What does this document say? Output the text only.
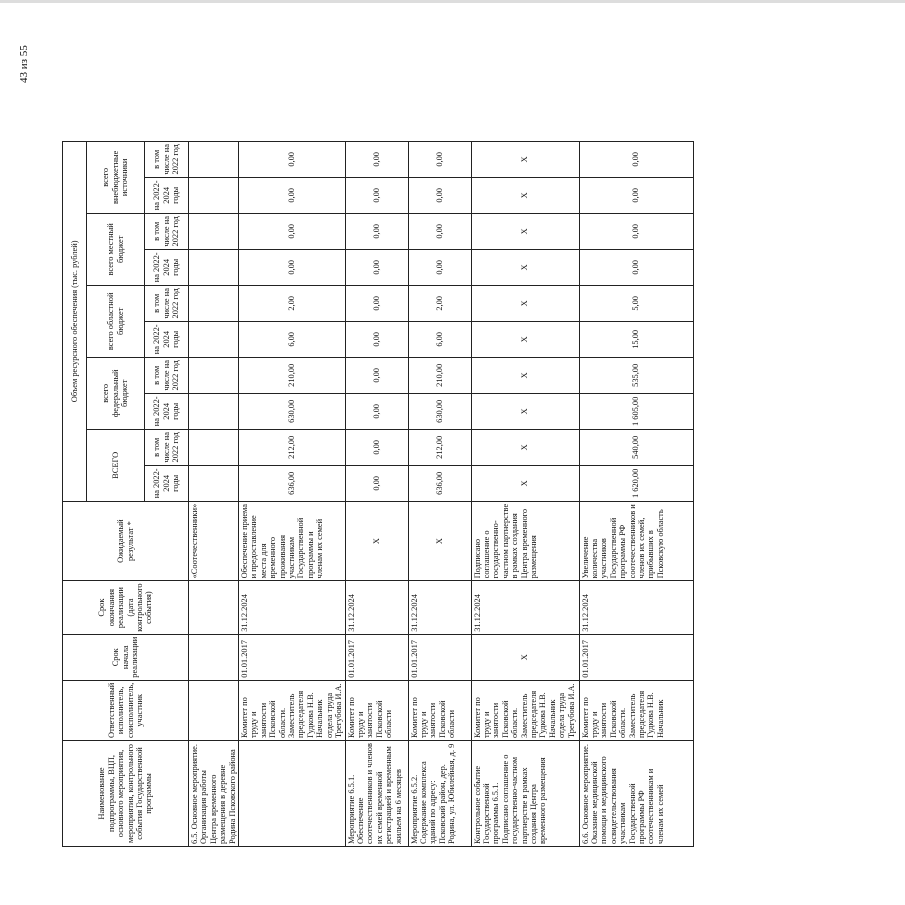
43 из 55
Наименование подпрограммы, ВЦП, основного мероприятия, мероприятия, контрольного события Государственной программы	Ответственный исполнитель, соисполнитель, участник	Срок начала реализации	Срок окончания реализации (дата контрольного события)	Ожидаемый результат *	Объем ресурсного обеспечения (тыс. рублей)									
					ВСЕГО		всего федеральный бюджет		всего областной бюджет		всего местный бюджет		всего внебюджетные источники	
					на 2022-2024 годы	в том числе на 2022 год	на 2022-2024 годы	в том числе на 2022 год	на 2022-2024 годы	в том числе на 2022 год	на 2022-2024 годы	в том числе на 2022 год	на 2022-2024 годы	в том числе на 2022 год
6.5. Основное мероприятие. Организация работы Центра временного размещения в деревне Родина Псковского района				«Соотечественники»										
	Комитет по труду и занятости Псковской области. Заместитель председателя Гудкова Н.В. Начальник отдела труда Трегубова И.А.	01.01.2017	31.12.2024	Обеспечение приема и предоставление места для временного проживания участникам Государственной программы и членам их семей	636,00	212,00	630,00	210,00	6,00	2,00	0,00	0,00	0,00	0,00
Мероприятие 6.5.1. Обеспечение соотечественников и членов их семей временной регистрацией и временным жильем на 6 месяцев	Комитет по труду и занятости Псковской области	01.01.2017	31.12.2024	X	0,00	0,00	0,00	0,00	0,00	0,00	0,00	0,00	0,00	0,00
Мероприятие 6.5.2. Содержание комплекса зданий по адресу: Псковский район, дер. Родина, ул. Юбилейная, д. 9	Комитет по труду и занятости Псковской области	01.01.2017	31.12.2024	X	636,00	212,00	630,00	210,00	6,00	2,00	0,00	0,00	0,00	0,00
Контрольное событие Государственной программы 6.5.1. Подписано соглашение о государственно-частном партнерстве в рамках создания Центра временного размещения	Комитет по труду и занятости Псковской области. Заместитель председателя Гудкова Н.В. Начальник отдела труда Трегубова И.А.	X	31.12.2024	Подписано соглашение о государственно-частном партнерстве в рамках создания Центра временного размещения	X	X	X	X	X	X	X	X	X	X
6.6. Основное мероприятие. Оказание медицинской помощи и медицинского освидетельствования участникам Государственной программы РФ соотечественникам и членам их семей	Комитет по труду и занятости Псковской области. Заместитель председателя Гудкова Н.В. Начальник	01.01.2017	31.12.2024	Увеличение количества участников Государственной программы РФ соотечественников и членов их семей, прибывших в Псковскую область	1 620,00	540,00	1 605,00	535,00	15,00	5,00	0,00	0,00	0,00	0,00
